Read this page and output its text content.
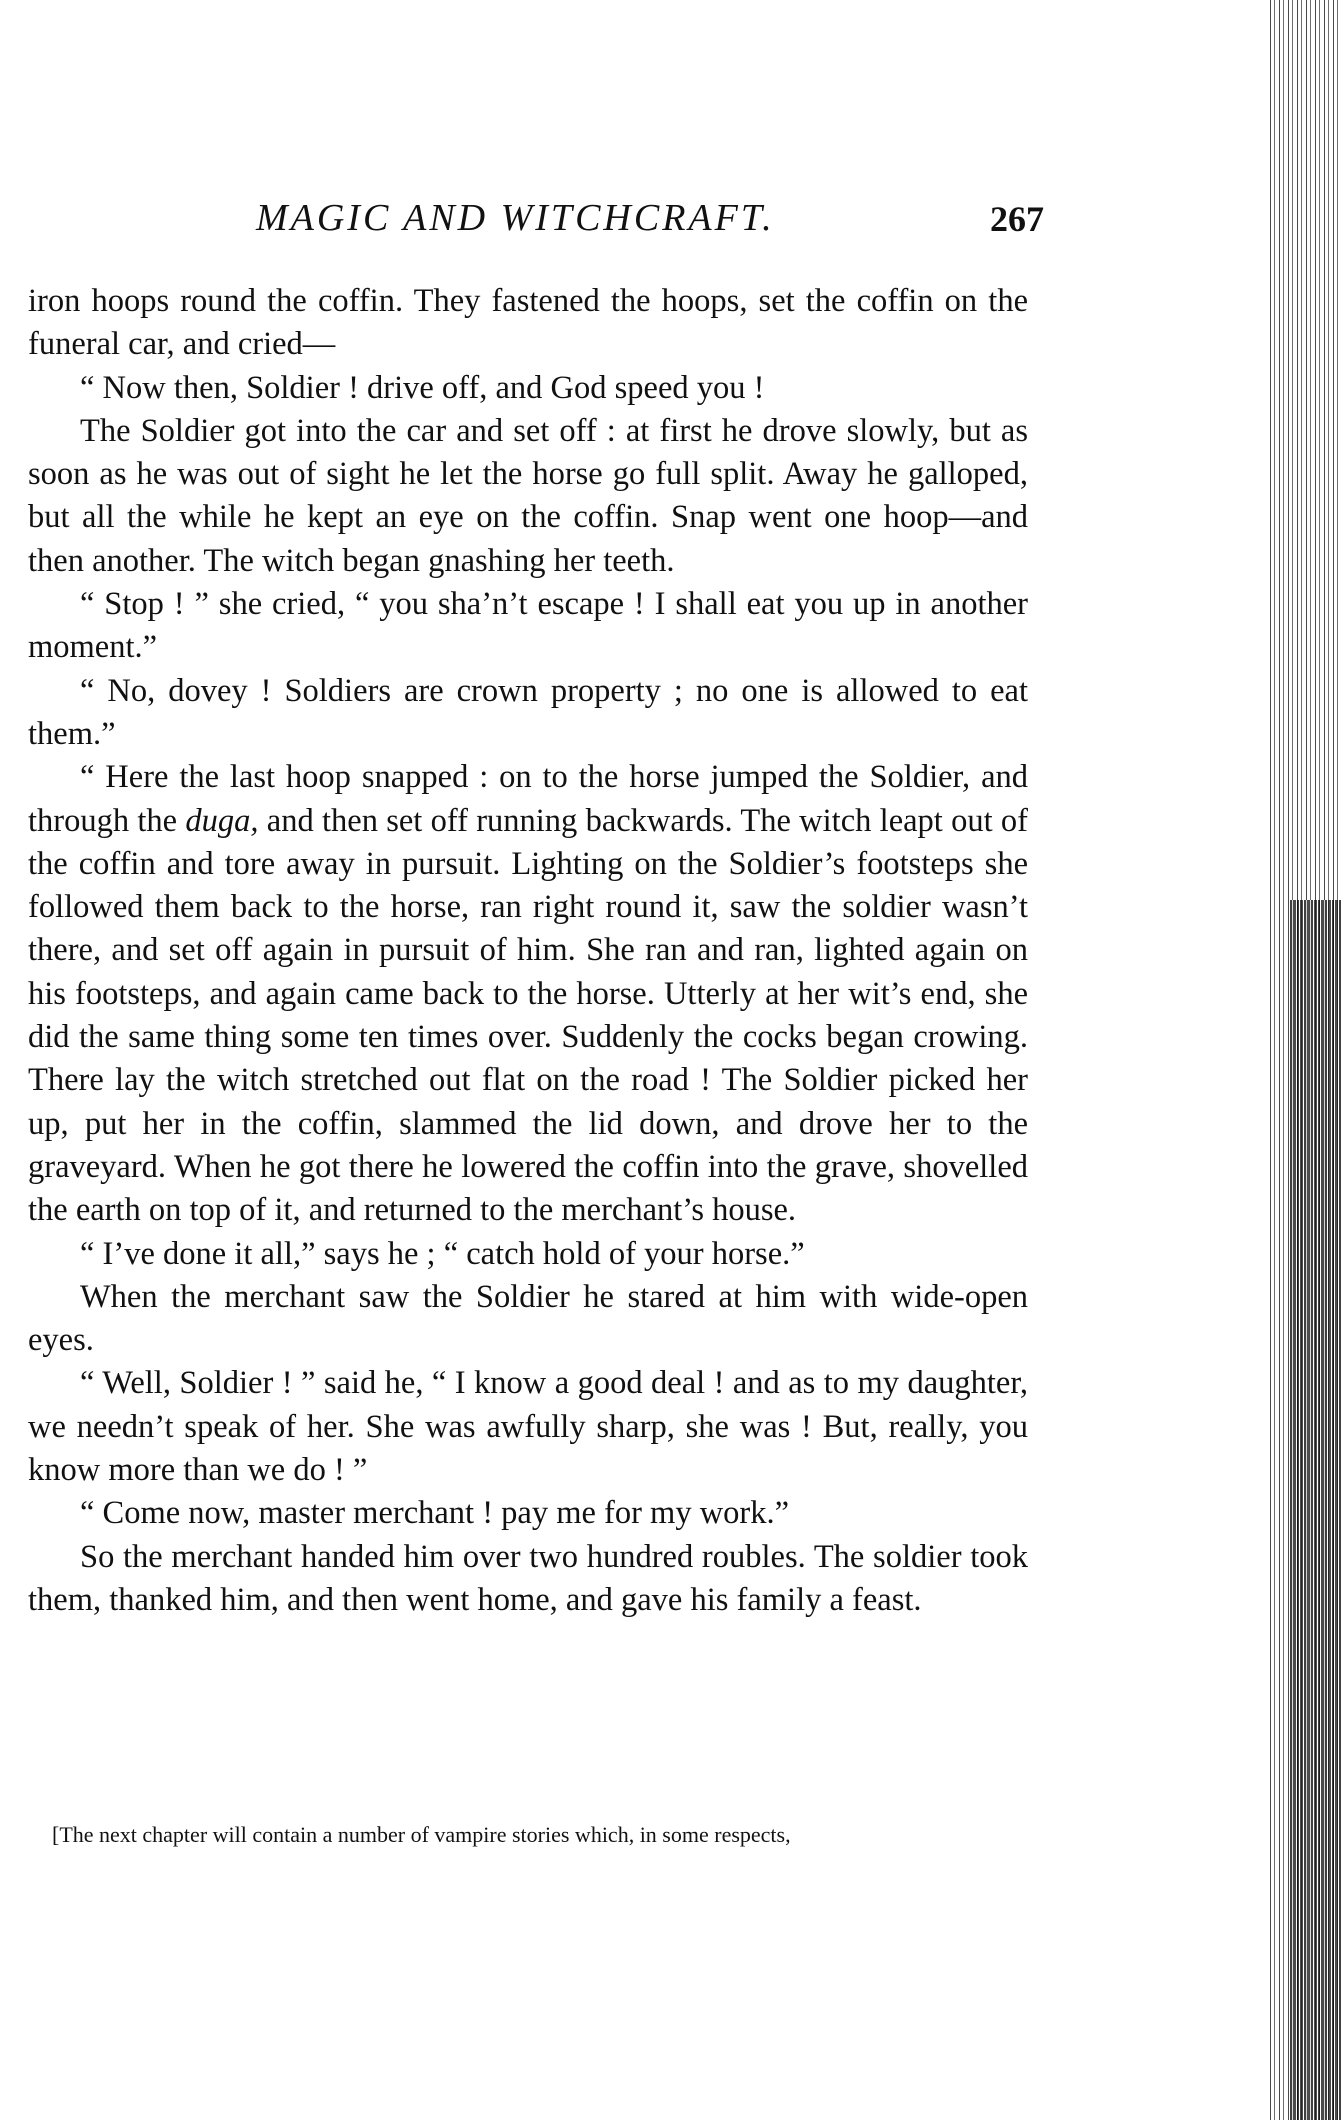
MAGIC AND WITCHCRAFT.	267

iron hoops round the coffin. They fastened the hoops, set the coffin on the funeral car, and cried—

“ Now then, Soldier ! drive off, and God speed you !

The Soldier got into the car and set off : at first he drove slowly, but as soon as he was out of sight he let the horse go full split. Away he galloped, but all the while he kept an eye on the coffin. Snap went one hoop—and then another. The witch began gnashing her teeth.

“ Stop ! ” she cried, “ you sha’n’t escape ! I shall eat you up in another moment.”

“ No, dovey ! Soldiers are crown property ; no one is allowed to eat them.”

“ Here the last hoop snapped : on to the horse jumped the Soldier, and through the duga, and then set off running backwards. The witch leapt out of the coffin and tore away in pursuit. Lighting on the Soldier’s footsteps she followed them back to the horse, ran right round it, saw the soldier wasn’t there, and set off again in pursuit of him. She ran and ran, lighted again on his footsteps, and again came back to the horse. Utterly at her wit’s end, she did the same thing some ten times over. Suddenly the cocks began crowing. There lay the witch stretched out flat on the road ! The Soldier picked her up, put her in the coffin, slammed the lid down, and drove her to the graveyard. When he got there he lowered the coffin into the grave, shovelled the earth on top of it, and returned to the merchant’s house.

“ I’ve done it all,” says he ; “ catch hold of your horse.”

When the merchant saw the Soldier he stared at him with wide-open eyes.

“ Well, Soldier ! ” said he, “ I know a good deal ! and as to my daughter, we needn’t speak of her. She was awfully sharp, she was ! But, really, you know more than we do ! ”

“ Come now, master merchant ! pay me for my work.”

So the merchant handed him over two hundred roubles. The soldier took them, thanked him, and then went home, and gave his family a feast.

[The next chapter will contain a number of vampire stories which, in some respects,
